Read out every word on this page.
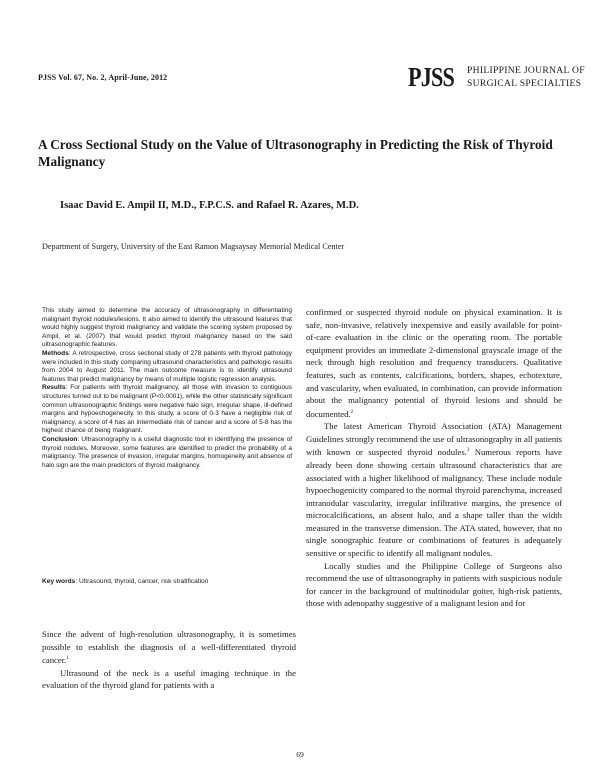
PJSS Vol. 67, No. 2, April-June, 2012	PJSS PHILIPPINE JOURNAL OF
SURGICAL SPECIALTIES
A Cross Sectional Study on the Value of Ultrasonography in Predicting the Risk of Thyroid Malignancy
Isaac David E. Ampil II, M.D., F.P.C.S. and Rafael R. Azares, M.D.
Department of Surgery, University of the East Ramon Magsaysay Memorial Medical Center

This study aimed to determine the accuracy of ultrasonography in differentiating malignant thyroid nodules/lesions. It also aimed to identify the ultrasound features that would highly suggest thyroid malignancy and validate the scoring system proposed by Ampil, et al. (2007) that would predict thyroid malignancy based on the said ultrasonographic features.

Methods: A retrospective, cross sectional study of 278 patients with thyroid pathology were included in this study comparing ultrasound characteristics and pathologic results from 2004 to August 2011. The main outcome measure is to identify ultrasound features that predict malignancy by means of multiple logistic regression analysis.

Results: For patients with thyroid malignancy, all those with invasion to contiguous structures turned out to be malignant (P<0.0001), while the other statistically significant common ultrasonographic findings were negative halo sign, irregular shape, ill-defined margins and hypoechogenecity. In this study, a score of 0-3 have a negligible risk of malignancy, a score of 4 has an intermediate risk of cancer and a score of 5-8 has the highest chance of being malignant.

Conclusion: Ultrasonography is a useful diagnostic tool in identifying the presence of thyroid nodules. Moreover, some features are identified to predict the probability of a malignancy. The presence of invasion, irregular margins, homogeneity and absence of halo sign are the main predictors of thyroid malignancy.

Key words: Ultrasound, thyroid, cancer, risk stratification

Since the advent of high-resolution ultrasonography, it is sometimes possible to establish the diagnosis of a well-differentiated thyroid cancer.$^1$

Ultrasound of the neck is a useful imaging technique in the evaluation of the thyroid gland for patients with a

confirmed or suspected thyroid nodule on physical examination. It is safe, non-invasive, relatively inexpensive and easily available for point-of-care evaluation in the clinic or the operating room. The portable equipment provides an immediate 2-dimensional grayscale image of the neck through high resolution and frequency transducers. Qualitative features, such as contents, calcifications, borders, shapes, echotexture, and vascularity, when evaluated, in combination, can provide information about the malignancy potential of thyroid lesions and should be documented.$^2$

The latest American Thyroid Association (ATA) Management Guidelines strongly recommend the use of ultrasonography in all patients with known or suspected thyroid nodules.$^3$ Numerous reports have already been done showing certain ultrasound characteristics that are associated with a higher likelihood of malignancy. These include nodule hypoechogenicity compared to the normal thyroid parenchyma, increased intranodular vascularity, irregular infiltrative margins, the presence of microcalcifications, an absent halo, and a shape taller than the width measured in the transverse dimension. The ATA stated, however, that no single sonographic feature or combinations of features is adequately sensitive or specific to identify all malignant nodules.

Locally studies and the Philippine College of Surgeons also recommend the use of ultrasonography in patients with suspicious nodule for cancer in the background of multinodular goiter, high-risk patients, those with adenopathy suggestive of a malignant lesion and for

69
